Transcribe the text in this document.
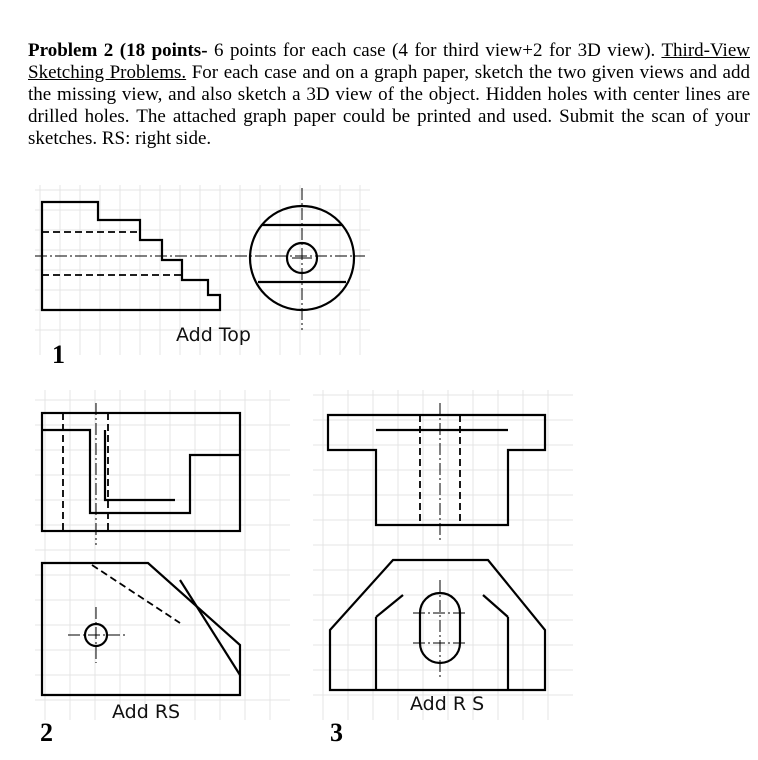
Problem 2 (18 points- 6 points for each case (4 for third view+2 for 3D view). Third-View Sketching Problems. For each case and on a graph paper, sketch the two given views and add the missing view, and also sketch a 3D view of the object. Hidden holes with center lines are drilled holes. The attached graph paper could be printed and used. Submit the scan of your sketches. RS: right side.
Add Top
1
Add RS
2
Add R S
3
